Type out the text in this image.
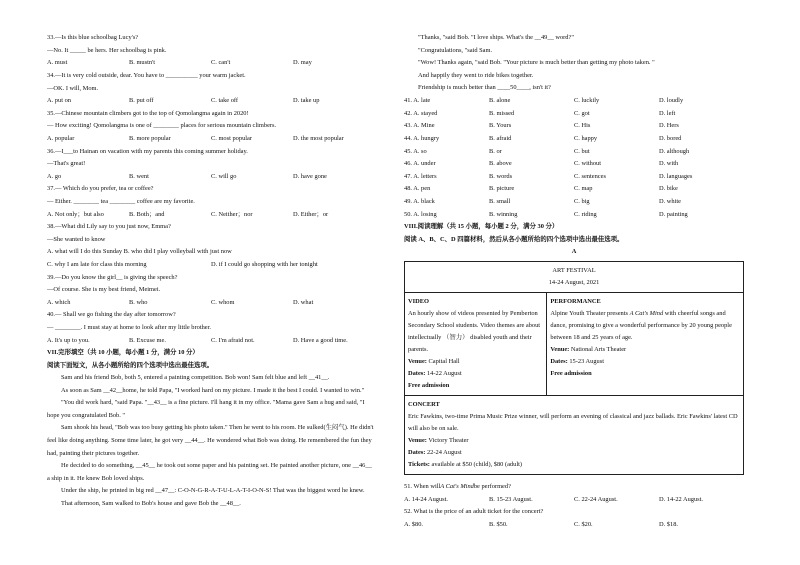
33.—Is this blue schoolbag Lucy's?
—No. It _____ be hers. Her schoolbag is pink.
A. must	B. mustn't	C. can't	D. may
34.—It is very cold outside, dear. You have to __________ your warm jacket.
—OK. I will, Mom.
A. put on	B. put off	C. take off	D. take up
35.—Chinese mountain climbers got to the top of Qomolangma again in 2020!
— How exciting! Qomolangma is one of ________ places for serious mountain climbers.
A. popular	B. more popular	C. most popular	D. the most popular
36.—I___to Hainan on vacation with my parents this coming summer holiday.
—That's great!
A. go	B. went	C. will go	D. have gone
37.— Which do you prefer, tea or coffee?
— Either. ________ tea ________ coffee are my favorite.
A. Not only；but also	B. Both；and	C. Neither；nor	D. Either；or
38.—What did Lily say to you just now, Emma?
—She wanted to know
A. what will I do this Sunday B. who did I play volleyball with just now
C. why I am late for class this morning	D. if I could go shopping with her tonight
39.—Do you know the girl__ is giving the speech?
—Of course. She is my best friend, Meimei.
A. which	B. who	C. whom	D. what
40.— Shall we go fishing the day after tomorrow?
— ________. I must stay at home to look after my little brother.
A. It's up to you.	B. Excuse me.	C. I'm afraid not.	D. Have a good time.
VII.完形填空（共 10 小题，每小题 1 分，满分 10 分）
阅读下面短文，从各小题所给的四个选项中选出最佳选项。

Sam and his friend Bob, both 5, entered a painting competition. Bob won! Sam felt blue and left __41__.

As soon as Sam __42__home, he told Papa, "I worked hard on my picture. I made it the best I could. I wanted to win."

"You did work hard, "said Papa. "__43__ is a fine picture. I'll hang it in my office. "Mama gave Sam a hug and said, "I hope you congratulated Bob. "

Sam shook his head, "Bob was too busy getting his photo taken." Then he went to his room. He sulked(生闷气). He didn't feel like doing anything. Some time later, he got very __44__. He wondered what Bob was doing. He remembered the fun they had, painting their pictures together.

He decided to do something, __45__ he took out some paper and his painting set. He painted another picture, one __46__ a ship in it. He knew Bob loved ships.

Under the ship, he printed in big red __47__: C-O-N-G-R-A-T-U-L-A-T-I-O-N-S! That was the biggest word he knew.

That afternoon, Sam walked to Bob's house and gave Bob the __48__.

"Thanks, "said Bob. "I love ships. What's the __49__ word?"

"Congratulations, "said Sam.

"Wow! Thanks again, "said Bob. "Your picture is much better than getting my photo taken. "

And happily they went to ride bikes together.

Friendship is much better than ____50____, isn't it?

41. A. late	B. alone	C. luckily	D. loudly
42. A. stayed	B. missed	C. got	D. left
43. A. Mine	B. Yours	C. His	D. Hers
44. A. hungry	B. afraid	C. happy	D. bored
45. A. so	B. or	C. but	D. although
46. A. under	B. above	C. without	D. with
47. A. letters	B. words	C. sentences	D. languages
48. A. pen	B. picture	C. map	D. bike
49. A. black	B. small	C. big	D. white
50. A. losing	B. winning	C. riding	D. painting
VIII.阅读理解（共 15 小题，每小题 2 分，满分 30 分）
阅读 A、B、C、D 四篇材料，然后从各小题所给的四个选项中选出最佳选项。
A
ART FESTIVAL
14-24 August, 2021

VIDEO
An hourly show of videos presented by Pemberton Secondary School students. Video themes are about intellectually （智力） disabled youth and their parents.
Venue: Capital Hall
Dates: 14-22 August
Free admission

PERFORMANCE
Alpine Youth Theater presents A Cat's Mind with cheerful songs and dance, promising to give a wonderful performance by 20 young people between 18 and 25 years of age.
Venue: National Arts Theater
Dates: 15-23 August
Free admission

CONCERT
Eric Fawkins, two-time Prima Music Prize winner, will perform an evening of classical and jazz ballads. Eric Fawkins' latest CD will also be on sale.
Venue: Victory Theater
Dates: 22-24 August
Tickets: available at $50 (child), $80 (adult)
51. When will A Cat's Mind be performed?
A. 14-24 August.	B. 15-23 August.	C. 22-24 August.	D. 14-22 August.
52. What is the price of an adult ticket for the concert?
A. $80.	B. $50.	C. $20.	D. $18.
